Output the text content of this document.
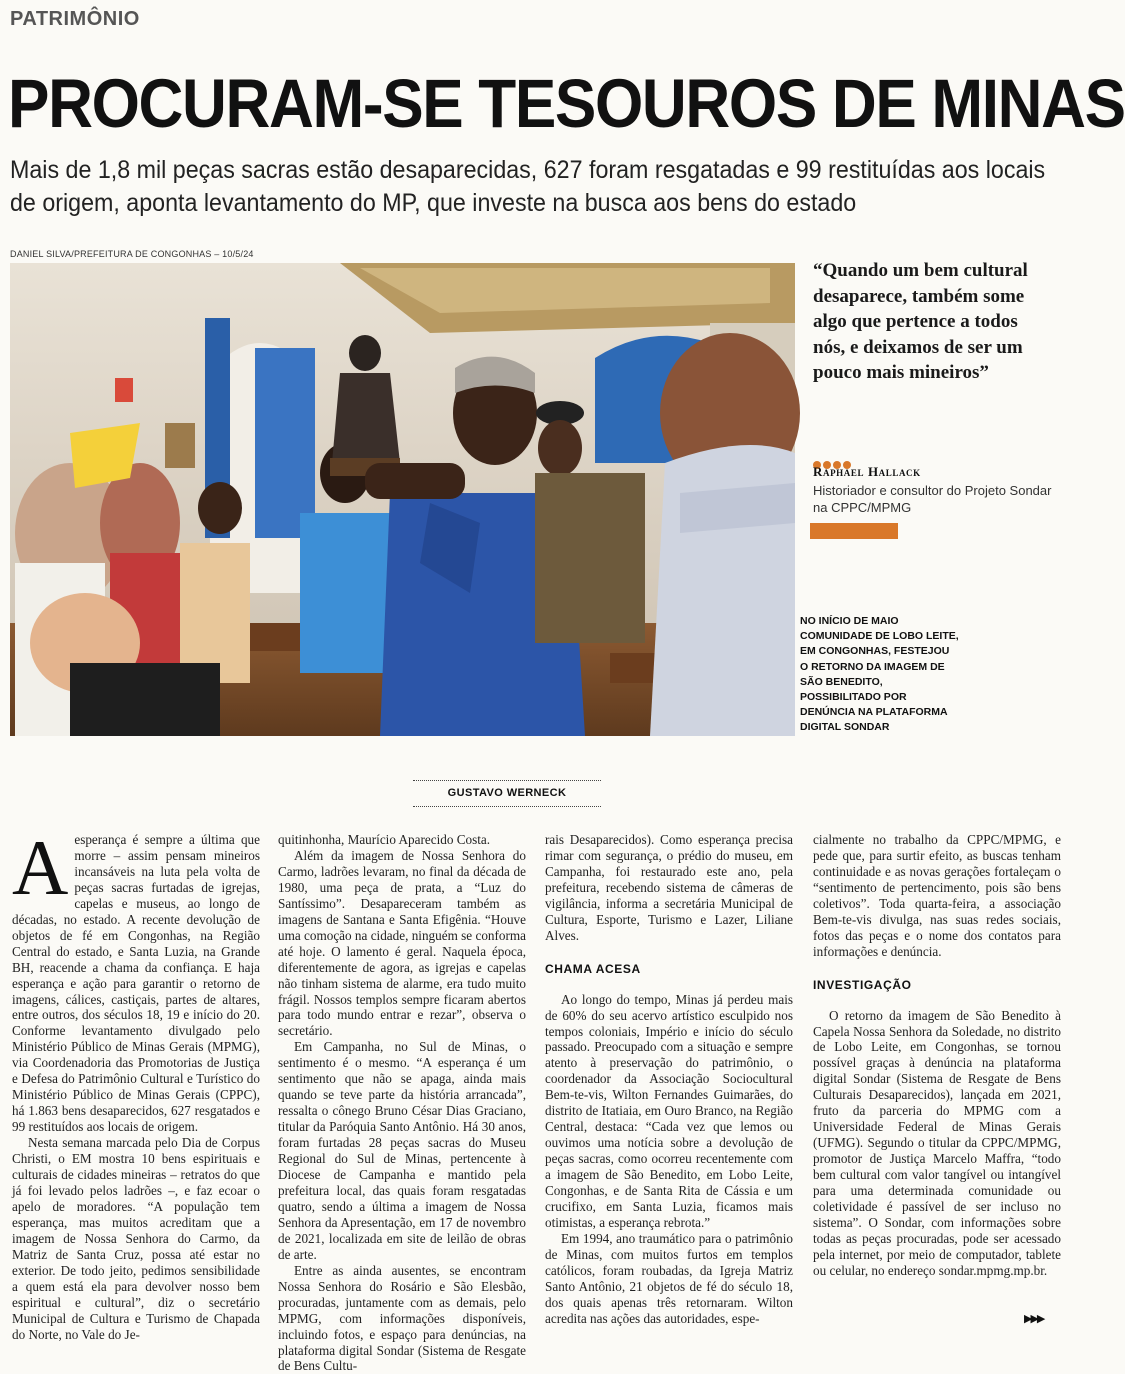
PATRIMÔNIO
PROCURAM-SE TESOUROS DE MINAS
Mais de 1,8 mil peças sacras estão desaparecidas, 627 foram resgatadas e 99 restituídas aos locais de origem, aponta levantamento do MP, que investe na busca aos bens do estado
DANIEL SILVA/PREFEITURA DE CONGONHAS – 10/5/24
“Quando um bem cultural desaparece, também some algo que pertence a todos nós, e deixamos de ser um pouco mais mineiros”
Raphael Hallack
Historiador e consultor do Projeto Sondar na CPPC/MPMG
NO INÍCIO DE MAIO COMUNIDADE DE LOBO LEITE, EM CONGONHAS, FESTEJOU O RETORNO DA IMAGEM DE SÃO BENEDITO, POSSIBILITADO POR DENÚNCIA NA PLATAFORMA DIGITAL SONDAR
GUSTAVO WERNECK

Aesperança é sempre a última que morre – assim pensam mineiros incansáveis na luta pela volta de peças sacras furtadas de igrejas, capelas e museus, ao longo de décadas, no estado. A recente devolução de objetos de fé em Congonhas, na Região Central do estado, e Santa Luzia, na Grande BH, reacende a chama da confiança. E haja esperança e ação para garantir o retorno de imagens, cálices, castiçais, partes de altares, entre outros, dos séculos 18, 19 e início do 20. Conforme levantamento divulgado pelo Ministério Público de Minas Gerais (MPMG), via Coordenadoria das Promotorias de Justiça e Defesa do Patrimônio Cultural e Turístico do Ministério Público de Minas Gerais (CPPC), há 1.863 bens desaparecidos, 627 resgatados e 99 restituídos aos locais de origem.

Nesta semana marcada pelo Dia de Corpus Christi, o EM mostra 10 bens espirituais e culturais de cidades mineiras – retratos do que já foi levado pelos ladrões –, e faz ecoar o apelo de moradores. “A população tem esperança, mas muitos acreditam que a imagem de Nossa Senhora do Carmo, da Matriz de Santa Cruz, possa até estar no exterior. De todo jeito, pedimos sensibilidade a quem está ela para devolver nosso bem espiritual e cultural”, diz o secretário Municipal de Cultura e Turismo de Chapada do Norte, no Vale do Je-

quitinhonha, Maurício Aparecido Costa.

Além da imagem de Nossa Senhora do Carmo, ladrões levaram, no final da década de 1980, uma peça de prata, a “Luz do Santíssimo”. Desapareceram também as imagens de Santana e Santa Efigênia. “Houve uma comoção na cidade, ninguém se conforma até hoje. O lamento é geral. Naquela época, diferentemente de agora, as igrejas e capelas não tinham sistema de alarme, era tudo muito frágil. Nossos templos sempre ficaram abertos para todo mundo entrar e rezar”, observa o secretário.

Em Campanha, no Sul de Minas, o sentimento é o mesmo. “A esperança é um sentimento que não se apaga, ainda mais quando se teve parte da história arrancada”, ressalta o cônego Bruno César Dias Graciano, titular da Paróquia Santo Antônio. Há 30 anos, foram furtadas 28 peças sacras do Museu Regional do Sul de Minas, pertencente à Diocese de Campanha e mantido pela prefeitura local, das quais foram resgatadas quatro, sendo a última a imagem de Nossa Senhora da Apresentação, em 17 de novembro de 2021, localizada em site de leilão de obras de arte.

Entre as ainda ausentes, se encontram Nossa Senhora do Rosário e São Elesbão, procuradas, juntamente com as demais, pelo MPMG, com informações disponíveis, incluindo fotos, e espaço para denúncias, na plataforma digital Sondar (Sistema de Resgate de Bens Cultu-

rais Desaparecidos). Como esperança precisa rimar com segurança, o prédio do museu, em Campanha, foi restaurado este ano, pela prefeitura, recebendo sistema de câmeras de vigilância, informa a secretária Municipal de Cultura, Esporte, Turismo e Lazer, Liliane Alves.

CHAMA ACESA

Ao longo do tempo, Minas já perdeu mais de 60% do seu acervo artístico esculpido nos tempos coloniais, Império e início do século passado. Preocupado com a situação e sempre atento à preservação do patrimônio, o coordenador da Associação Sociocultural Bem-te-vis, Wilton Fernandes Guimarães, do distrito de Itatiaia, em Ouro Branco, na Região Central, destaca: “Cada vez que lemos ou ouvimos uma notícia sobre a devolução de peças sacras, como ocorreu recentemente com a imagem de São Benedito, em Lobo Leite, Congonhas, e de Santa Rita de Cássia e um crucifixo, em Santa Luzia, ficamos mais otimistas, a esperança rebrota.”

Em 1994, ano traumático para o patrimônio de Minas, com muitos furtos em templos católicos, foram roubadas, da Igreja Matriz Santo Antônio, 21 objetos de fé do século 18, dos quais apenas três retornaram. Wilton acredita nas ações das autoridades, espe-

cialmente no trabalho da CPPC/MPMG, e pede que, para surtir efeito, as buscas tenham continuidade e as novas gerações fortaleçam o “sentimento de pertencimento, pois são bens coletivos”. Toda quarta-feira, a associação Bem-te-vis divulga, nas suas redes sociais, fotos das peças e o nome dos contatos para informações e denúncia.

INVESTIGAÇÃO

O retorno da imagem de São Benedito à Capela Nossa Senhora da Soledade, no distrito de Lobo Leite, em Congonhas, se tornou possível graças à denúncia na plataforma digital Sondar (Sistema de Resgate de Bens Culturais Desaparecidos), lançada em 2021, fruto da parceria do MPMG com a Universidade Federal de Minas Gerais (UFMG). Segundo o titular da CPPC/MPMG, promotor de Justiça Marcelo Maffra, “todo bem cultural com valor tangível ou intangível para uma determinada comunidade ou coletividade é passível de ser incluso no sistema”. O Sondar, com informações sobre todas as peças procuradas, pode ser acessado pela internet, por meio de computador, tablete ou celular, no endereço sondar.mpmg.mp.br.

▶▶▶
